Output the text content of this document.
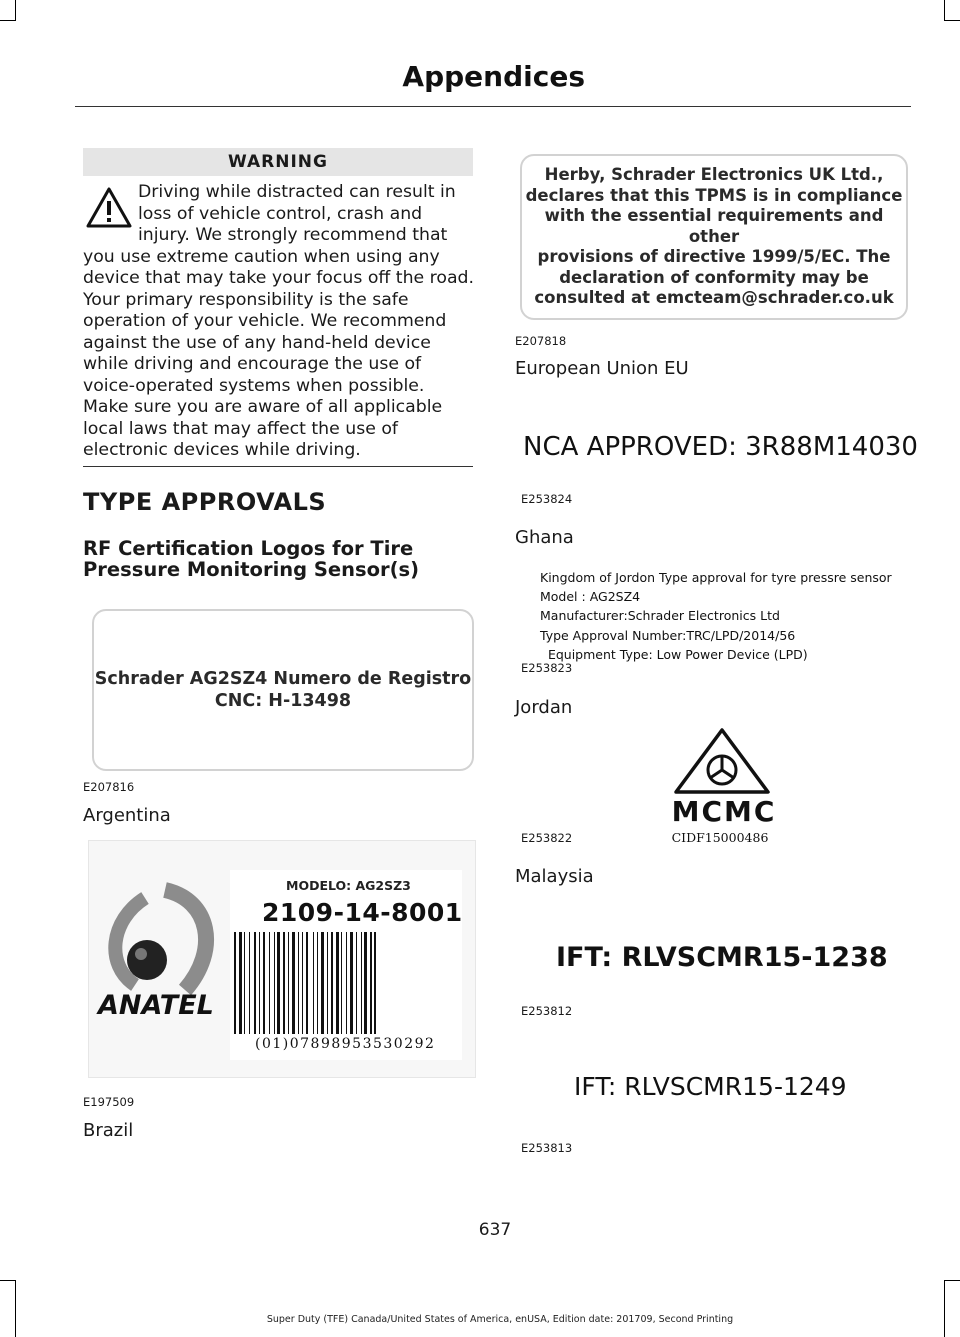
Appendices
WARNING
Driving while distracted can result in loss of vehicle control, crash and injury. We strongly recommend that you use extreme caution when using any device that may take your focus off the road. Your primary responsibility is the safe operation of your vehicle. We recommend against the use of any hand-held device while driving and encourage the use of voice-operated systems when possible. Make sure you are aware of all applicable local laws that may affect the use of electronic devices while driving.
TYPE APPROVALS
RF Certification Logos for Tire Pressure Monitoring Sensor(s)
Schrader AG2SZ4 Numero de Registro
CNC: H-13498
E207816
Argentina
ANATEL
MODELO: AG2SZ3
2109-14-8001
(01)07898953530292
E197509
Brazil
Herby, Schrader Electronics UK Ltd.,
declares that this TPMS is in compliance
with the essential requirements and other
provisions of directive 1999/5/EC. The
declaration of conformity may be
consulted at emcteam@schrader.co.uk
E207818
European Union EU
NCA APPROVED: 3R88M14030
E253824
Ghana
Kingdom of Jordon Type approval for tyre pressre sensor
Model : AG2SZ4
Manufacturer:Schrader Electronics Ltd
Type Approval Number:TRC/LPD/2014/56
Equipment Type: Low Power Device (LPD)
E253823
Jordan
MCMC
CIDF15000486
E253822
Malaysia
IFT: RLVSCMR15-1238
E253812
IFT: RLVSCMR15-1249
E253813
637
Super Duty (TFE) Canada/United States of America, enUSA, Edition date: 201709, Second Printing
